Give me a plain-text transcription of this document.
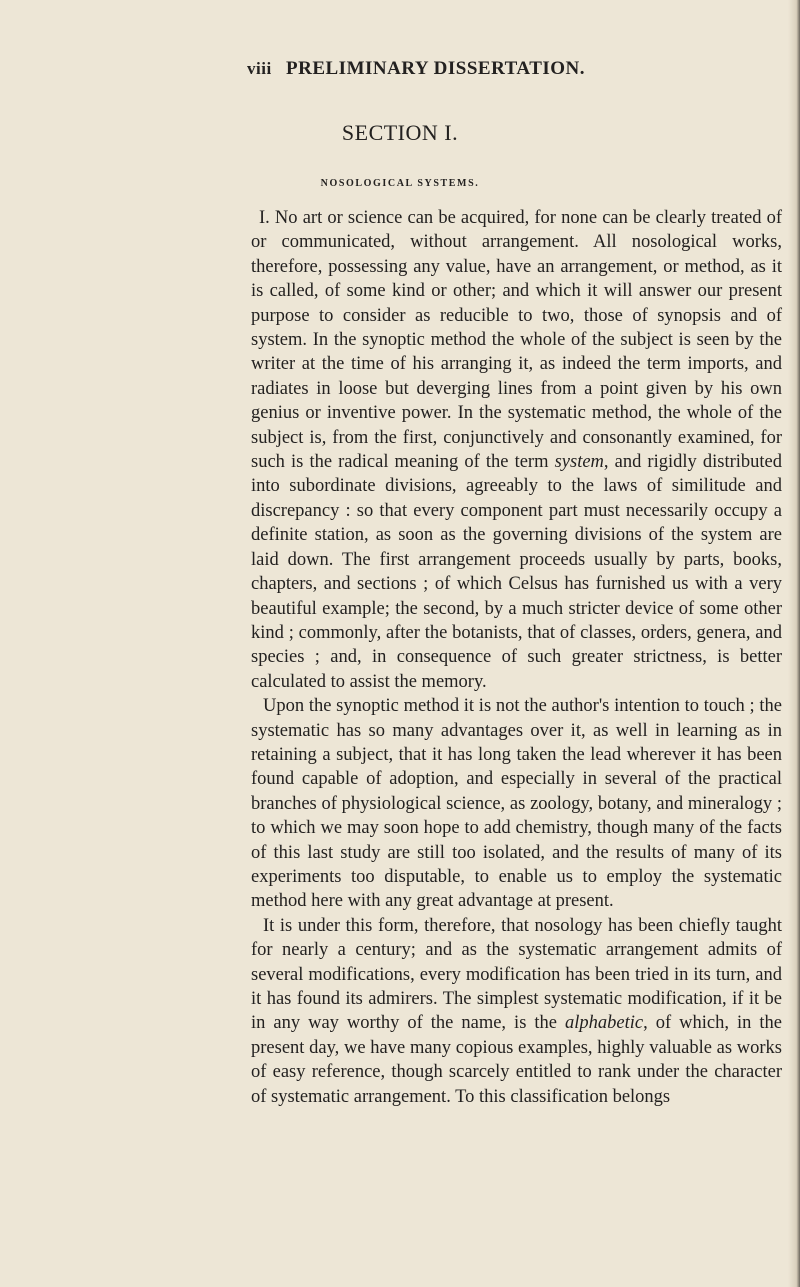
viii PRELIMINARY DISSERTATION.
SECTION I.
NOSOLOGICAL SYSTEMS.

I. No art or science can be acquired, for none can be clearly treated of or communicated, without arrangement. All nosological works, therefore, possessing any value, have an arrangement, or method, as it is called, of some kind or other; and which it will answer our present purpose to consider as reducible to two, those of synopsis and of system. In the synoptic method the whole of the subject is seen by the writer at the time of his arranging it, as indeed the term imports, and radiates in loose but deverging lines from a point given by his own genius or inventive power. In the systematic method, the whole of the subject is, from the first, conjunctively and consonantly examined, for such is the radical meaning of the term system, and rigidly distributed into subordinate divisions, agreeably to the laws of similitude and discrepancy : so that every component part must necessarily occupy a definite station, as soon as the governing divisions of the system are laid down. The first arrangement proceeds usually by parts, books, chapters, and sections ; of which Celsus has furnished us with a very beautiful example; the second, by a much stricter device of some other kind ; commonly, after the botanists, that of classes, orders, genera, and species ; and, in consequence of such greater strictness, is better calculated to assist the memory.

Upon the synoptic method it is not the author's intention to touch ; the systematic has so many advantages over it, as well in learning as in retaining a subject, that it has long taken the lead wherever it has been found capable of adoption, and especially in several of the practical branches of physiological science, as zoology, botany, and mineralogy ; to which we may soon hope to add chemistry, though many of the facts of this last study are still too isolated, and the results of many of its experiments too disputable, to enable us to employ the systematic method here with any great advantage at present.

It is under this form, therefore, that nosology has been chiefly taught for nearly a century; and as the systematic arrangement admits of several modifications, every modification has been tried in its turn, and it has found its admirers. The simplest systematic modification, if it be in any way worthy of the name, is the alphabetic, of which, in the present day, we have many copious examples, highly valuable as works of easy reference, though scarcely entitled to rank under the character of systematic arrangement. To this classification belongs
